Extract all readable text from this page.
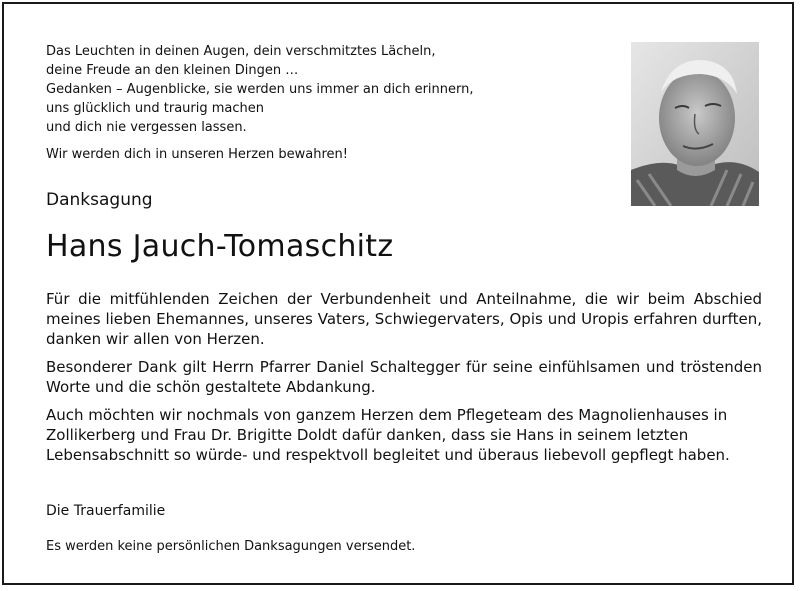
Das Leuchten in deinen Augen, dein verschmitztes Lächeln,
deine Freude an den kleinen Dingen …
Gedanken – Augenblicke, sie werden uns immer an dich erinnern,
uns glücklich und traurig machen
und dich nie vergessen lassen.
Wir werden dich in unseren Herzen bewahren!
Danksagung
Hans Jauch-Tomaschitz

Für die mitfühlenden Zeichen der Verbundenheit und Anteilnahme, die wir beim Abschied meines lieben Ehemannes, unseres Vaters, Schwiegervaters, Opis und Uropis erfahren durften, danken wir allen von Herzen.

Besonderer Dank gilt Herrn Pfarrer Daniel Schaltegger für seine einfühlsamen und tröstenden Worte und die schön gestaltete Abdankung.

Auch möchten wir nochmals von ganzem Herzen dem Pflegeteam des Magnolienhauses in Zollikerberg und Frau Dr. Brigitte Doldt dafür danken, dass sie Hans in seinem letzten Lebensabschnitt so würde- und respektvoll begleitet und überaus liebevoll gepflegt haben.

Die Trauerfamilie
Es werden keine persönlichen Danksagungen versendet.
